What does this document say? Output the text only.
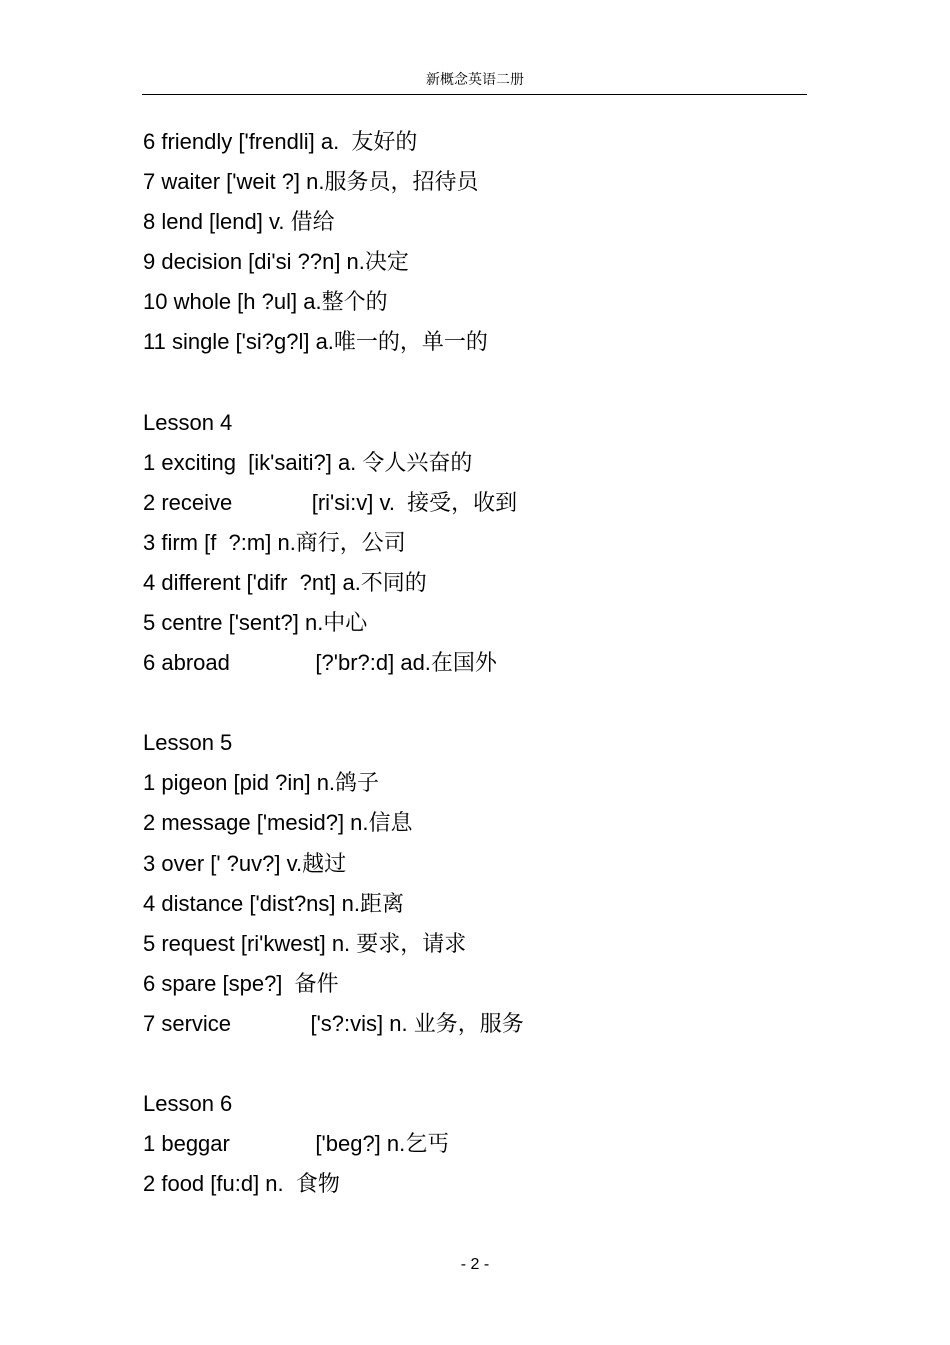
新概念英语二册
6 friendly ['frendli] a.  友好的
7 waiter ['weit ?] n.服务员，招待员
8 lend [lend] v. 借给
9 decision [di'si ??n] n.决定
10 whole [h ?ul] a.整个的
11 single ['si?g?l] a.唯一的，单一的
Lesson 4
1 exciting  [ik'saiti?] a. 令人兴奋的
2 receive             [ri'si:v] v.  接受，收到
3 firm [f  ?:m] n.商行，公司
4 different ['difr  ?nt] a.不同的
5 centre ['sent?] n.中心
6 abroad              [?'br?:d] ad.在国外
Lesson 5
1 pigeon [pid ?in] n.鸽子
2 message ['mesid?] n.信息
3 over [' ?uv?] v.越过
4 distance ['dist?ns] n.距离
5 request [ri'kwest] n. 要求，请求
6 spare [spe?]  备件
7 service             ['s?:vis] n. 业务，服务
Lesson 6
1 beggar              ['beg?] n.乞丐
2 food [fu:d] n.  食物
- 2 -
